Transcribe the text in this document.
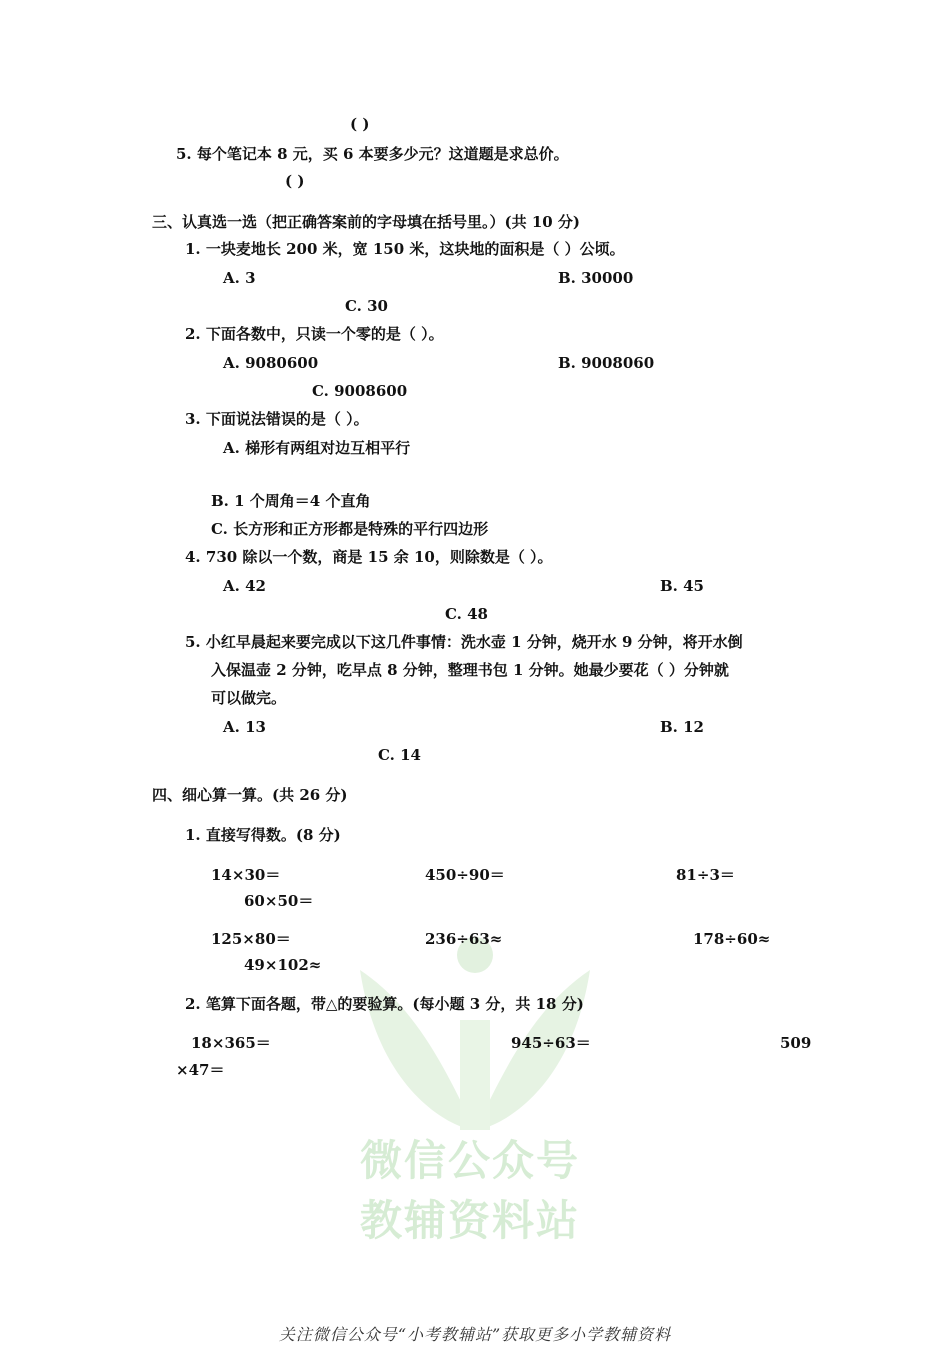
微信公众号
教辅资料站
( )
5. 每个笔记本 8 元，买 6 本要多少元？这道题是求总价。
( )
三、认真选一选（把正确答案前的字母填在括号里。）(共 10 分)
1. 一块麦地长 200 米，宽 150 米，这块地的面积是（ ）公顷。
A. 3	B. 30000
C. 30
2. 下面各数中，只读一个零的是（ ）。
A. 9080600	B. 9008060
C. 9008600
3. 下面说法错误的是（ ）。
A. 梯形有两组对边互相平行
B. 1 个周角＝4 个直角
C. 长方形和正方形都是特殊的平行四边形
4. 730 除以一个数，商是 15 余 10，则除数是（ ）。
A. 42	B. 45
C. 48
5. 小红早晨起来要完成以下这几件事情：洗水壶 1 分钟，烧开水 9 分钟，将开水倒
入保温壶 2 分钟，吃早点 8 分钟，整理书包 1 分钟。她最少要花（ ）分钟就
可以做完。
A. 13	B. 12
C. 14
四、细心算一算。(共 26 分)
1. 直接写得数。(8 分)
14×30＝	450÷90＝	81÷3＝
60×50＝
125×80＝	236÷63≈	178÷60≈
49×102≈
2. 笔算下面各题，带△的要验算。(每小题 3 分，共 18 分)
18×365＝	945÷63＝	509
×47＝
关注微信公众号“小考教辅站”获取更多小学教辅资料
